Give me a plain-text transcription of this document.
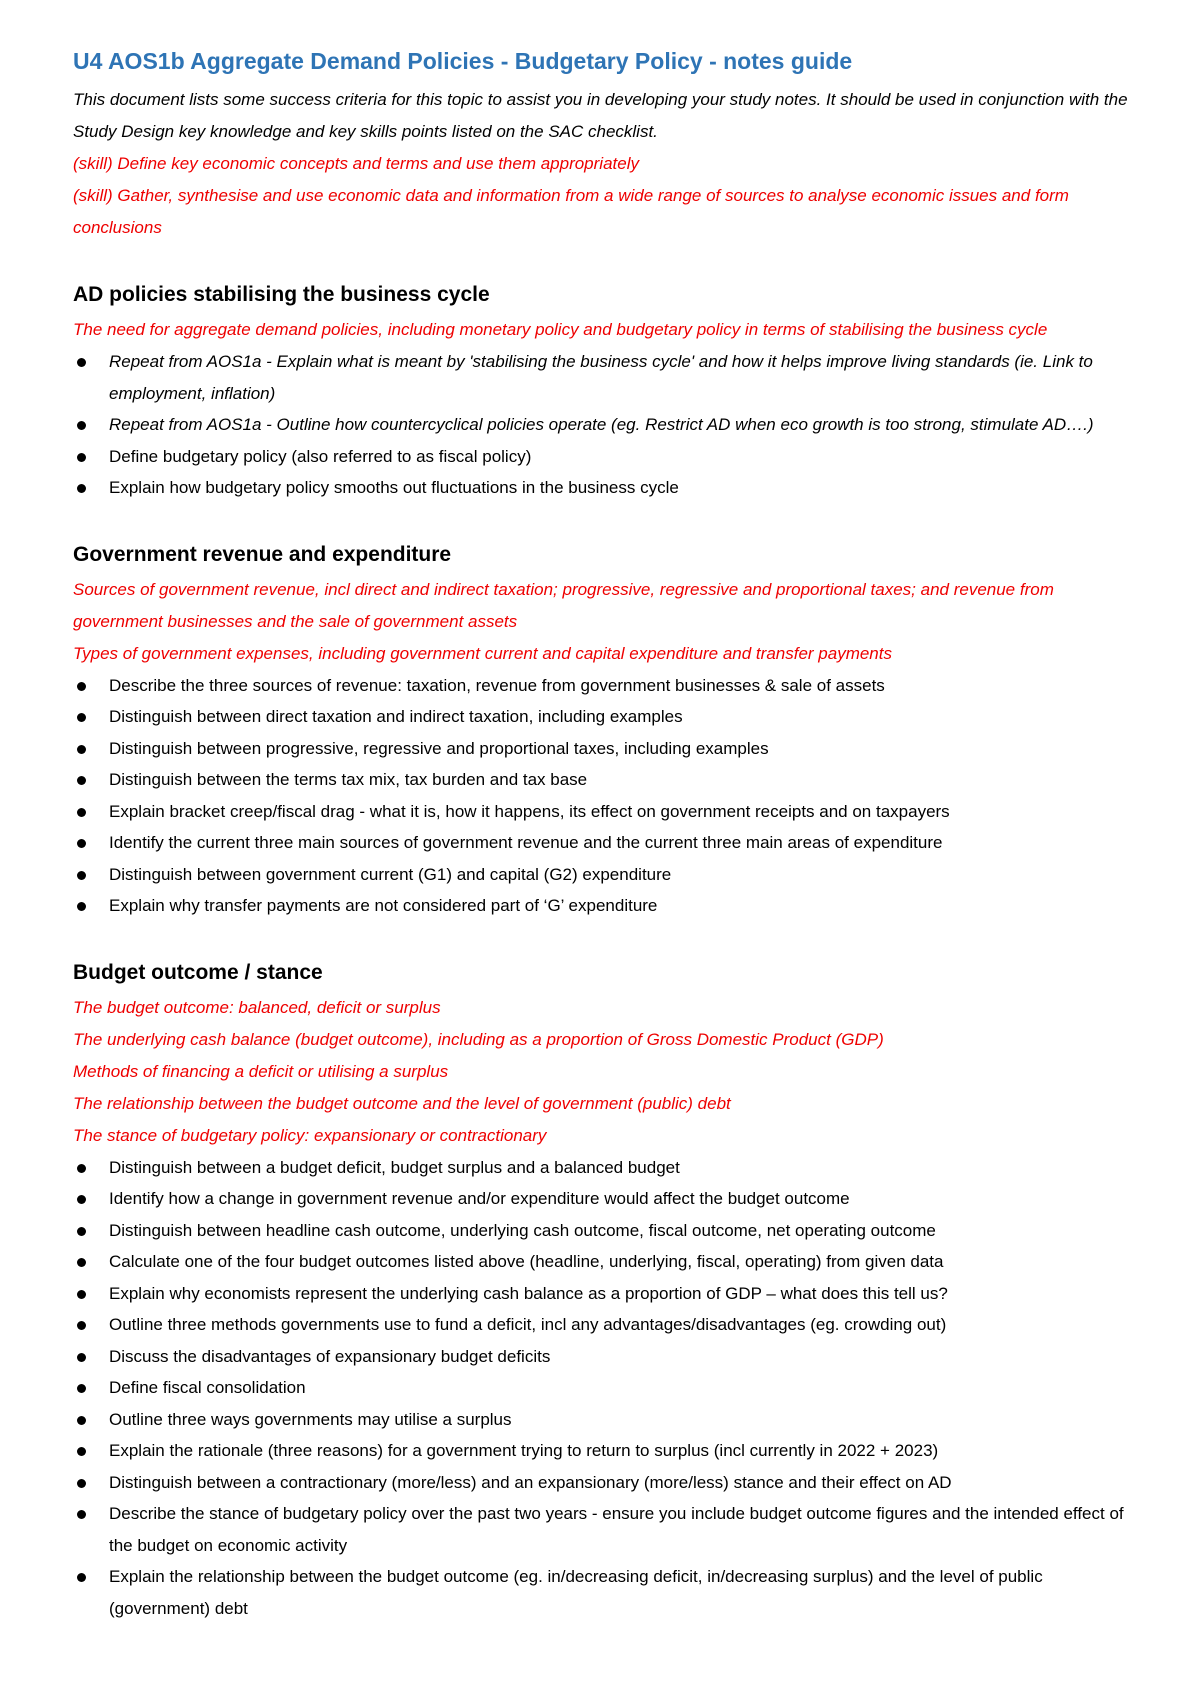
U4 AOS1b Aggregate Demand Policies - Budgetary Policy - notes guide

This document lists some success criteria for this topic to assist you in developing your study notes. It should be used in conjunction with the Study Design key knowledge and key skills points listed on the SAC checklist.

(skill) Define key economic concepts and terms and use them appropriately

(skill) Gather, synthesise and use economic data and information from a wide range of sources to analyse economic issues and form conclusions

AD policies stabilising the business cycle

The need for aggregate demand policies, including monetary policy and budgetary policy in terms of stabilising the business cycle

Repeat from AOS1a - Explain what is meant by 'stabilising the business cycle' and how it helps improve living standards (ie. Link to employment, inflation)
Repeat from AOS1a - Outline how countercyclical policies operate (eg. Restrict AD when eco growth is too strong, stimulate AD….)
Define budgetary policy (also referred to as fiscal policy)
Explain how budgetary policy smooths out fluctuations in the business cycle
Government revenue and expenditure

Sources of government revenue, incl direct and indirect taxation; progressive, regressive and proportional taxes; and revenue from government businesses and the sale of government assets

Types of government expenses, including government current and capital expenditure and transfer payments

Describe the three sources of revenue: taxation, revenue from government businesses & sale of assets
Distinguish between direct taxation and indirect taxation, including examples
Distinguish between progressive, regressive and proportional taxes, including examples
Distinguish between the terms tax mix, tax burden and tax base
Explain bracket creep/fiscal drag - what it is, how it happens, its effect on government receipts and on taxpayers
Identify the current three main sources of government revenue and the current three main areas of expenditure
Distinguish between government current (G1) and capital (G2) expenditure
Explain why transfer payments are not considered part of ‘G’ expenditure
Budget outcome / stance

The budget outcome: balanced, deficit or surplus

The underlying cash balance (budget outcome), including as a proportion of Gross Domestic Product (GDP)

Methods of financing a deficit or utilising a surplus

The relationship between the budget outcome and the level of government (public) debt

The stance of budgetary policy: expansionary or contractionary

Distinguish between a budget deficit, budget surplus and a balanced budget
Identify how a change in government revenue and/or expenditure would affect the budget outcome
Distinguish between headline cash outcome, underlying cash outcome, fiscal outcome, net operating outcome
Calculate one of the four budget outcomes listed above (headline, underlying, fiscal, operating) from given data
Explain why economists represent the underlying cash balance as a proportion of GDP – what does this tell us?
Outline three methods governments use to fund a deficit, incl any advantages/disadvantages (eg. crowding out)
Discuss the disadvantages of expansionary budget deficits
Define fiscal consolidation
Outline three ways governments may utilise a surplus
Explain the rationale (three reasons) for a government trying to return to surplus (incl currently in 2022 + 2023)
Distinguish between a contractionary (more/less) and an expansionary (more/less) stance and their effect on AD
Describe the stance of budgetary policy over the past two years - ensure you include budget outcome figures and the intended effect of the budget on economic activity
Explain the relationship between the budget outcome (eg. in/decreasing deficit, in/decreasing surplus) and the level of public (government) debt
